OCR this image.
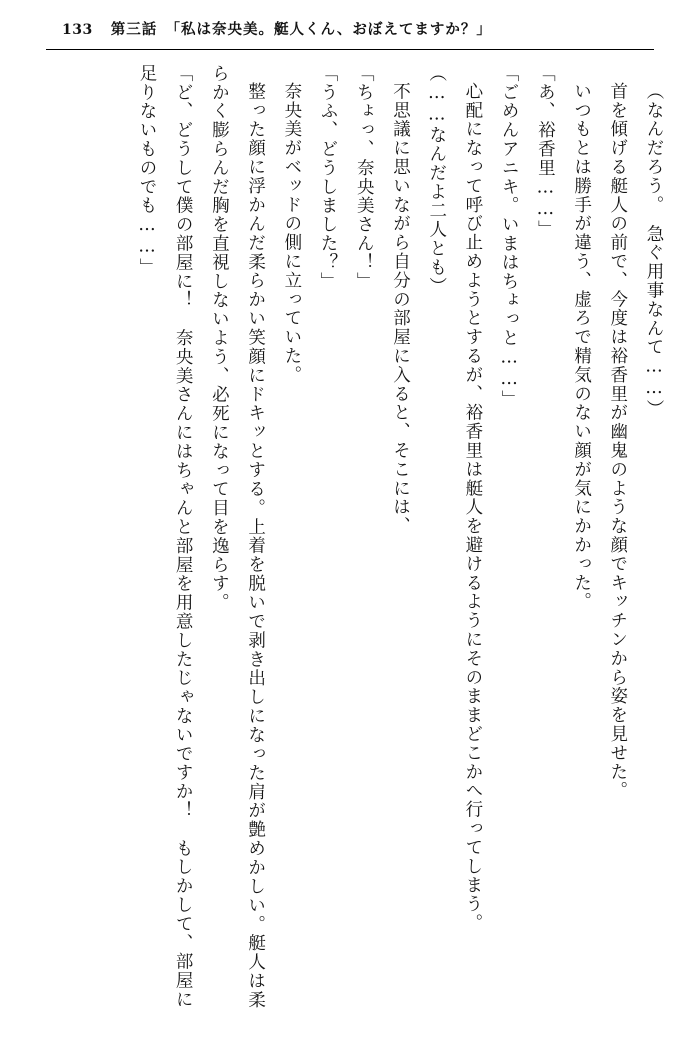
133 第三話　「私は奈央美。艇人くん、おぼえてますか？」

（なんだろう。　急ぐ用事なんて……）

首を傾げる艇人の前で、今度は裕香里が幽鬼のような顔でキッチンから姿を見せた。

いつもとは勝手が違う、虚ろで精気のない顔が気にかかった。

「あ、裕香里……」

「ごめんアニキ。いまはちょっと……」

心配になって呼び止めようとするが、裕香里は艇人を避けるようにそのままどこかへ行ってしまう。

（……なんだよ二人とも）

不思議に思いながら自分の部屋に入ると、そこには、

「ちょっ、奈央美さん！」

「うふ、どうしました？」

奈央美がベッドの側に立っていた。

整った顔に浮かんだ柔らかい笑顔にドキッとする。上着を脱いで剥き出しになった肩が艶めかしい。艇人は柔らかく膨らんだ胸を直視しないよう、必死になって目を逸らす。

「ど、どうして僕の部屋に！　奈央美さんにはちゃんと部屋を用意したじゃないですか！　もしかして、部屋に足りないものでも……」
